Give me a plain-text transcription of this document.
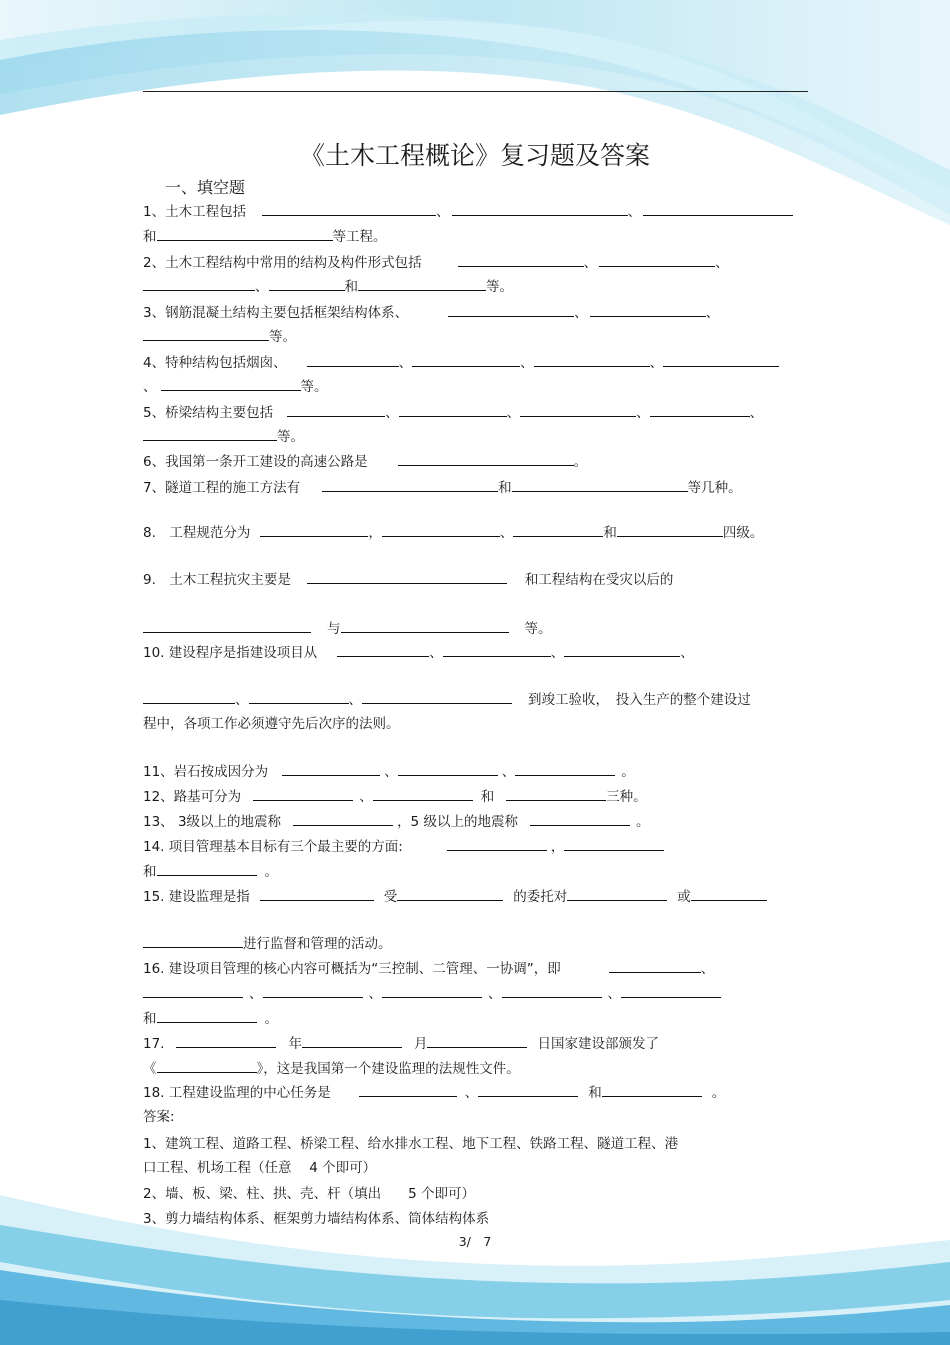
《土木工程概论》复习题及答案
一、填空题
1、土木工程包括	、	、
和	等工程。
2、土木工程结构中常用的结构及构件形式包括	、	、
、	和	等。
3、钢筋混凝土结构主要包括框架结构体系、	、	、
等。
4、特种结构包括烟囱、	、	、	、
、	等。
5、桥梁结构主要包括	、	、	、	、
等。
6、我国第一条开工建设的高速公路是	。
7、隧道工程的施工方法有	和	等几种。
8.　工程规范分为	，	、	和	四级。
9.　土木工程抗灾主要是	和工程结构在受灾以后的
与	等。
10. 建设程序是指建设项目从	、	、	、
、	、	到竣工验收，　投入生产的整个建设过
程中，各项工作必须遵守先后次序的法则。
11、岩石按成因分为	、	、	。
12、路基可分为	、	和	三种。
13、 3级以上的地震称	，5 级以上的地震称	。
14. 项目管理基本目标有三个最主要的方面:	，
和	。
15. 建设监理是指	受	的委托对	或
进行监督和管理的活动。
16. 建设项目管理的核心内容可概括为“三控制、二管理、一协调”，即	、
、	、	、	、
和	。
17.	年	月	日国家建设部颁发了
《	》，这是我国第一个建设监理的法规性文件。
18. 工程建设监理的中心任务是	、	和	。
答案:
1、建筑工程、道路工程、桥梁工程、给水排水工程、地下工程、铁路工程、隧道工程、港
口工程、机场工程（任意　 4 个即可）
2、墙、板、梁、柱、拱、壳、杆（填出　　5 个即可）
3、剪力墙结构体系、框架剪力墙结构体系、筒体结构体系
3/　7
